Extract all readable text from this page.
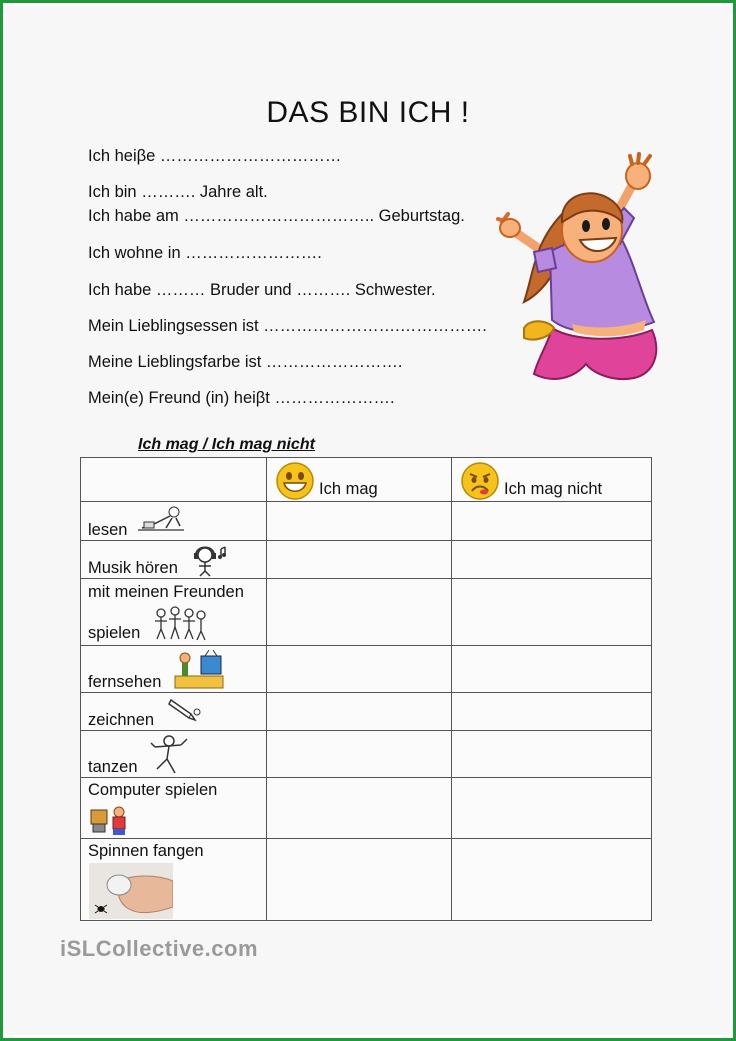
DAS BIN ICH !
Ich heiβe ……………………………
Ich bin ………. Jahre alt.
Ich habe am …………………………….. Geburtstag.
Ich wohne in …………………….
Ich habe ……… Bruder und ………. Schwester.
Mein Lieblingsessen ist …………………….…………….
Meine Lieblingsfarbe ist …………………….
Mein(e) Freund (in) heiβt ………………….
Ich mag / Ich mag nicht

	Ich mag	Ich mag nicht

lesen

Musik hören

mit meinen Freunden
spielen		

fernsehen

zeichnen

tanzen

Computer spielen		

Spinnen fangen		

iSLCollective.com
